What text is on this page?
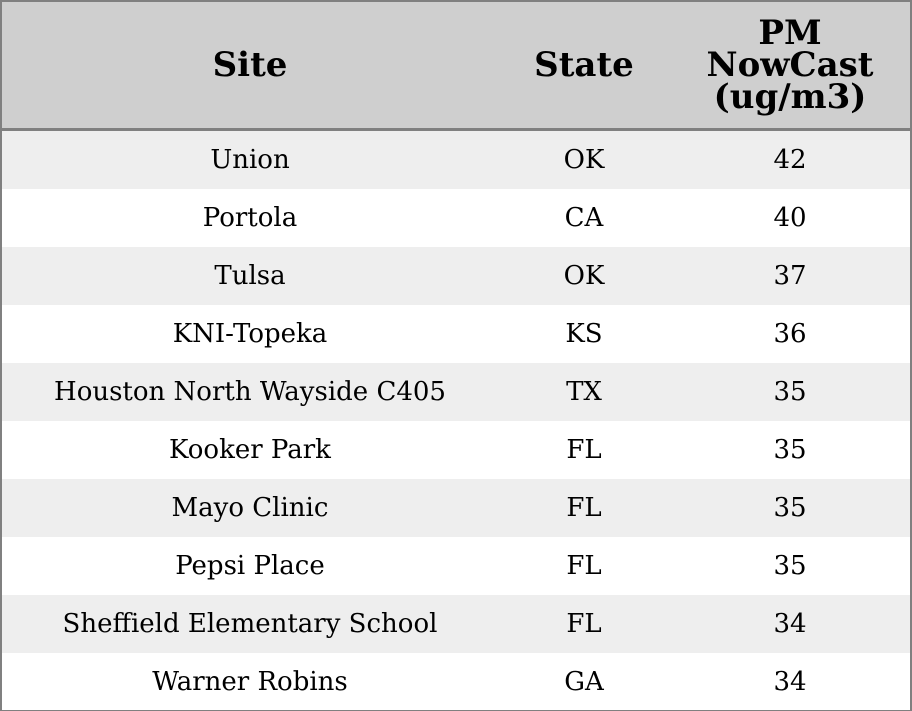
Site	State	PM
NowCast
(ug/m3)
Union	OK	42
Portola	CA	40
Tulsa	OK	37
KNI-Topeka	KS	36
Houston North Wayside C405	TX	35
Kooker Park	FL	35
Mayo Clinic	FL	35
Pepsi Place	FL	35
Sheffield Elementary School	FL	34
Warner Robins	GA	34
